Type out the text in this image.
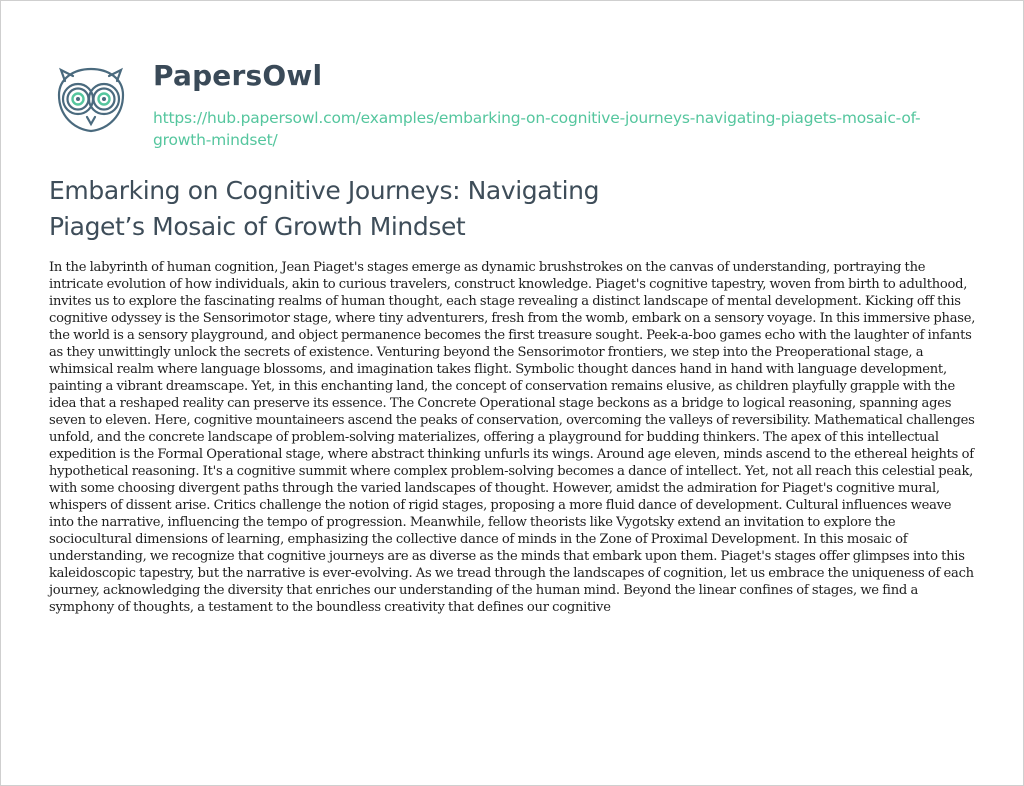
PapersOwl
https://hub.papersowl.com/examples/embarking-on-cognitive-journeys-navigating-piagets-mosaic-of-growth-mindset/
Embarking on Cognitive Journeys: Navigating
Piaget’s Mosaic of Growth Mindset

In the labyrinth of human cognition, Jean Piaget's stages emerge as dynamic brushstrokes on the canvas of understanding, portraying the intricate evolution of how individuals, akin to curious travelers, construct knowledge. Piaget's cognitive tapestry, woven from birth to adulthood, invites us to explore the fascinating realms of human thought, each stage revealing a distinct landscape of mental development. Kicking off this cognitive odyssey is the Sensorimotor stage, where tiny adventurers, fresh from the womb, embark on a sensory voyage. In this immersive phase, the world is a sensory playground, and object permanence becomes the first treasure sought. Peek-a-boo games echo with the laughter of infants as they unwittingly unlock the secrets of existence. Venturing beyond the Sensorimotor frontiers, we step into the Preoperational stage, a whimsical realm where language blossoms, and imagination takes flight. Symbolic thought dances hand in hand with language development, painting a vibrant dreamscape. Yet, in this enchanting land, the concept of conservation remains elusive, as children playfully grapple with the idea that a reshaped reality can preserve its essence. The Concrete Operational stage beckons as a bridge to logical reasoning, spanning ages seven to eleven. Here, cognitive mountaineers ascend the peaks of conservation, overcoming the valleys of reversibility. Mathematical challenges unfold, and the concrete landscape of problem-solving materializes, offering a playground for budding thinkers. The apex of this intellectual expedition is the Formal Operational stage, where abstract thinking unfurls its wings. Around age eleven, minds ascend to the ethereal heights of hypothetical reasoning. It's a cognitive summit where complex problem-solving becomes a dance of intellect. Yet, not all reach this celestial peak, with some choosing divergent paths through the varied landscapes of thought. However, amidst the admiration for Piaget's cognitive mural, whispers of dissent arise. Critics challenge the notion of rigid stages, proposing a more fluid dance of development. Cultural influences weave into the narrative, influencing the tempo of progression. Meanwhile, fellow theorists like Vygotsky extend an invitation to explore the sociocultural dimensions of learning, emphasizing the collective dance of minds in the Zone of Proximal Development. In this mosaic of understanding, we recognize that cognitive journeys are as diverse as the minds that embark upon them. Piaget's stages offer glimpses into this kaleidoscopic tapestry, but the narrative is ever-evolving. As we tread through the landscapes of cognition, let us embrace the uniqueness of each journey, acknowledging the diversity that enriches our understanding of the human mind. Beyond the linear confines of stages, we find a symphony of thoughts, a testament to the boundless creativity that defines our cognitive
